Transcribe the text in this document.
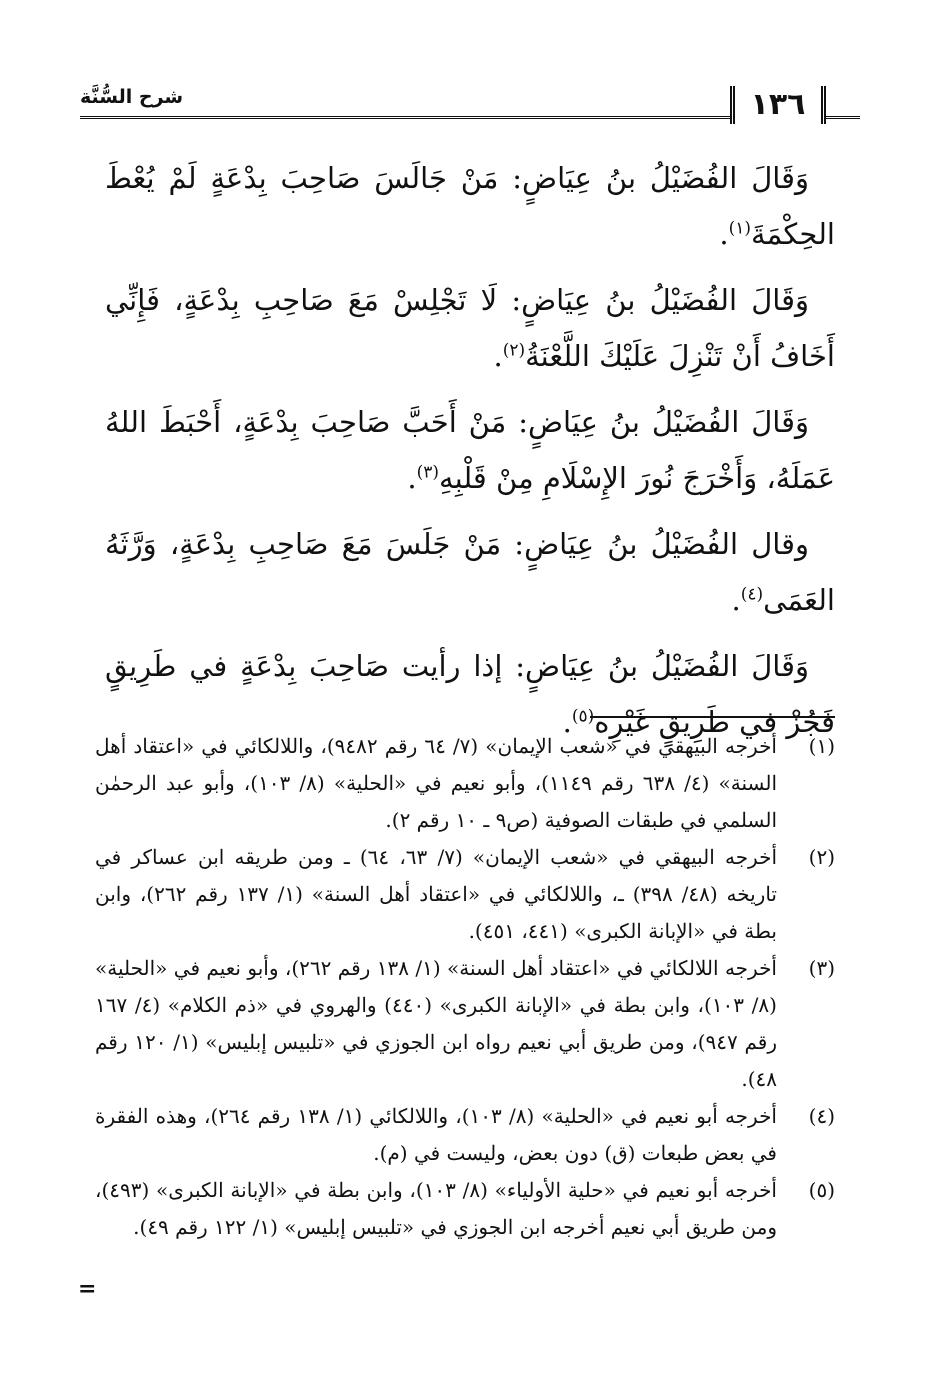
شرح السُّنَّة	١٣٦

وَقَالَ الفُضَيْلُ بنُ عِيَاضٍ: مَنْ جَالَسَ صَاحِبَ بِدْعَةٍ لَمْ يُعْطَ الحِكْمَةَ$^{(١)}$.

وَقَالَ الفُضَيْلُ بنُ عِيَاضٍ: لَا تَجْلِسْ مَعَ صَاحِبِ بِدْعَةٍ، فَإِنِّي أَخَافُ أَنْ تَنْزِلَ عَلَيْكَ اللَّعْنَةُ$^{(٢)}$.

وَقَالَ الفُضَيْلُ بنُ عِيَاضٍ: مَنْ أَحَبَّ صَاحِبَ بِدْعَةٍ، أَحْبَطَ اللهُ عَمَلَهُ، وَأَخْرَجَ نُورَ الإِسْلَامِ مِنْ قَلْبِهِ$^{(٣)}$.

وقال الفُضَيْلُ بنُ عِيَاضٍ: مَنْ جَلَسَ مَعَ صَاحِبِ بِدْعَةٍ، وَرَّثَهُ العَمَى$^{(٤)}$.

وَقَالَ الفُضَيْلُ بنُ عِيَاضٍ: إذا رأيت صَاحِبَ بِدْعَةٍ في طَرِيقٍ فَجُزْ في طَرِيقٍ غَيْرِه$^{(٥)}$.

(١)
أخرجه البيهقي في «شعب الإيمان» (٧/ ٦٤ رقم ٩٤٨٢)، واللالكائي في «اعتقاد أهل السنة» (٤/ ٦٣٨ رقم ١١٤٩)، وأبو نعيم في «الحلية» (٨/ ١٠٣)، وأبو عبد الرحمٰن السلمي في طبقات الصوفية (ص٩ ـ ١٠ رقم ٢).
(٢)
أخرجه البيهقي في «شعب الإيمان» (٧/ ٦٣، ٦٤) ـ ومن طريقه ابن عساكر في تاريخه (٤٨/ ٣٩٨) ـ، واللالكائي في «اعتقاد أهل السنة» (١/ ١٣٧ رقم ٢٦٢)، وابن بطة في «الإبانة الكبرى» (٤٤١، ٤٥١).
(٣)
أخرجه اللالكائي في «اعتقاد أهل السنة» (١/ ١٣٨ رقم ٢٦٢)، وأبو نعيم في «الحلية» (٨/ ١٠٣)، وابن بطة في «الإبانة الكبرى» (٤٤٠) والهروي في «ذم الكلام» (٤/ ١٦٧ رقم ٩٤٧)، ومن طريق أبي نعيم رواه ابن الجوزي في «تلبيس إبليس» (١/ ١٢٠ رقم ٤٨).
(٤)
أخرجه أبو نعيم في «الحلية» (٨/ ١٠٣)، واللالكائي (١/ ١٣٨ رقم ٢٦٤)، وهذه الفقرة في بعض طبعات (ق) دون بعض، وليست في (م).
(٥)
أخرجه أبو نعيم في «حلية الأولياء» (٨/ ١٠٣)، وابن بطة في «الإبانة الكبرى» (٤٩٣)، ومن طريق أبي نعيم أخرجه ابن الجوزي في «تلبيس إبليس» (١/ ١٢٢ رقم ٤٩).
=
